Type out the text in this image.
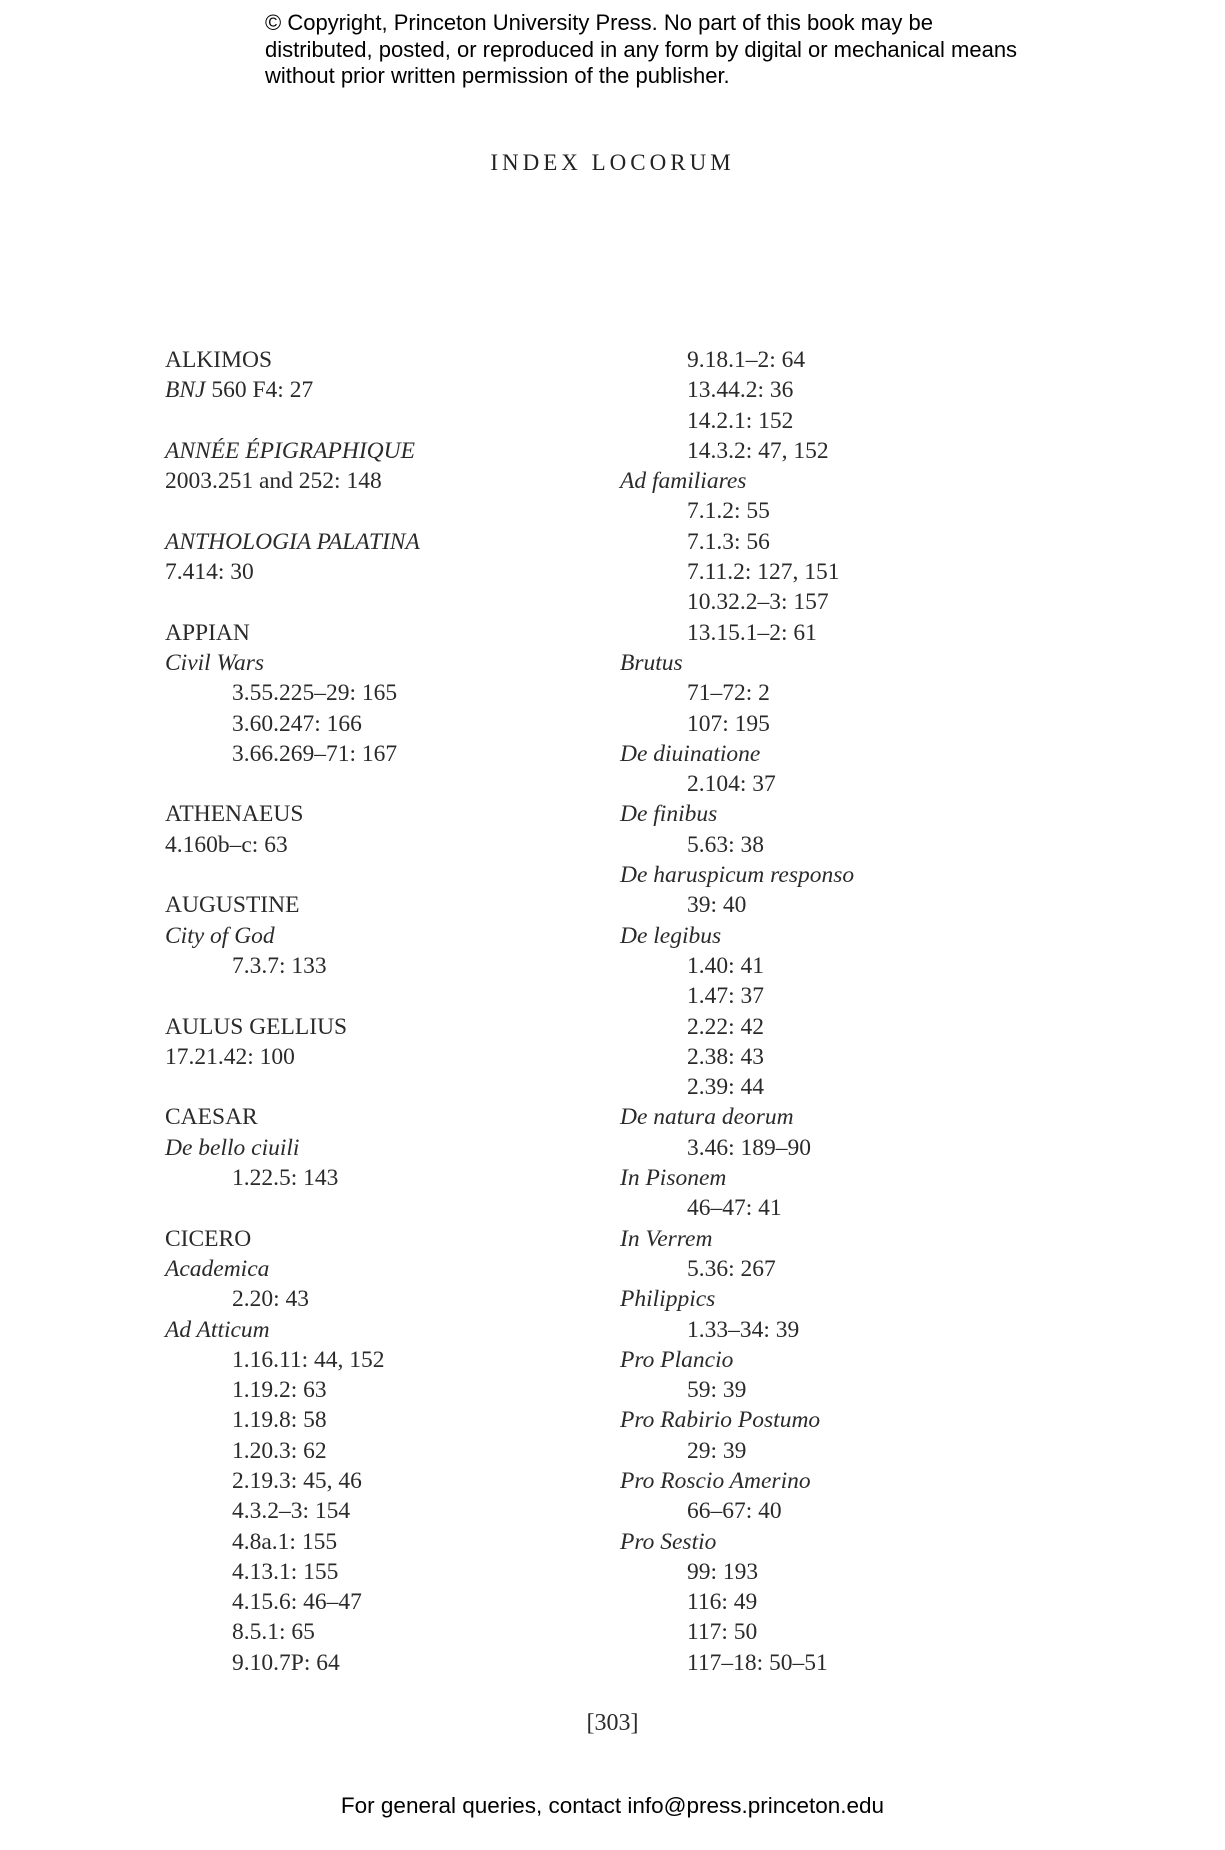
© Copyright, Princeton University Press. No part of this book may be distributed, posted, or reproduced in any form by digital or mechanical means without prior written permission of the publisher.
INDEX LOCORUM
ALKIMOS
BNJ 560 F4: 27
ANNÉE ÉPIGRAPHIQUE
2003.251 and 252: 148
ANTHOLOGIA PALATINA
7.414: 30
APPIAN
Civil Wars
3.55.225–29: 165
3.60.247: 166
3.66.269–71: 167
ATHENAEUS
4.160b–c: 63
AUGUSTINE
City of God
7.3.7: 133
AULUS GELLIUS
17.21.42: 100
CAESAR
De bello ciuili
1.22.5: 143
CICERO
Academica
2.20: 43
Ad Atticum
1.16.11: 44, 152
1.19.2: 63
1.19.8: 58
1.20.3: 62
2.19.3: 45, 46
4.3.2–3: 154
4.8a.1: 155
4.13.1: 155
4.15.6: 46–47
8.5.1: 65
9.10.7P: 64
9.18.1–2: 64
13.44.2: 36
14.2.1: 152
14.3.2: 47, 152
Ad familiares
7.1.2: 55
7.1.3: 56
7.11.2: 127, 151
10.32.2–3: 157
13.15.1–2: 61
Brutus
71–72: 2
107: 195
De diuinatione
2.104: 37
De finibus
5.63: 38
De haruspicum responso
39: 40
De legibus
1.40: 41
1.47: 37
2.22: 42
2.38: 43
2.39: 44
De natura deorum
3.46: 189–90
In Pisonem
46–47: 41
In Verrem
5.36: 267
Philippics
1.33–34: 39
Pro Plancio
59: 39
Pro Rabirio Postumo
29: 39
Pro Roscio Amerino
66–67: 40
Pro Sestio
99: 193
116: 49
117: 50
117–18: 50–51
[303]
For general queries, contact info@press.princeton.edu
